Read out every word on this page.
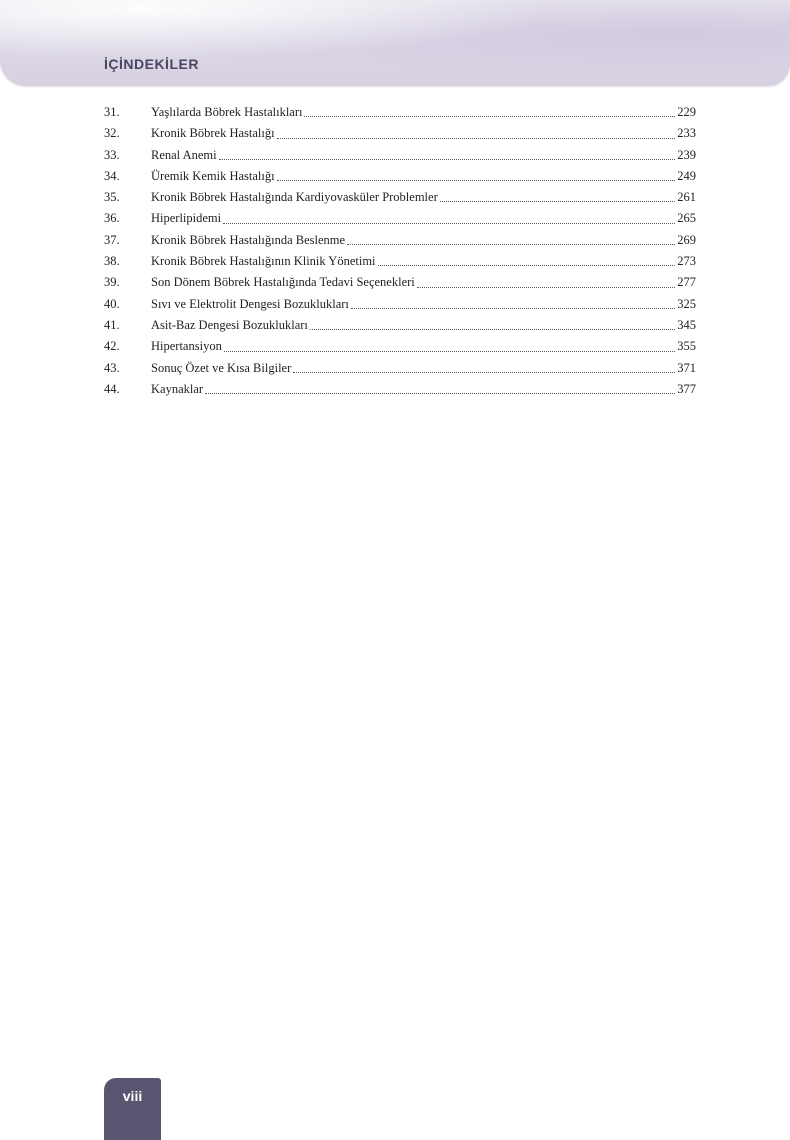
İÇİNDEKİLER
31.	Yaşlılarda Böbrek Hastalıkları	229
32.	Kronik Böbrek Hastalığı	233
33.	Renal Anemi	239
34.	Üremik Kemik Hastalığı	249
35.	Kronik Böbrek Hastalığında Kardiyovasküler Problemler	261
36.	Hiperlipidemi	265
37.	Kronik Böbrek Hastalığında Beslenme	269
38.	Kronik Böbrek Hastalığının Klinik Yönetimi	273
39.	Son Dönem Böbrek Hastalığında Tedavi Seçenekleri	277
40.	Sıvı ve Elektrolit Dengesi Bozuklukları	325
41.	Asit-Baz Dengesi Bozuklukları	345
42.	Hipertansiyon	355
43.	Sonuç Özet ve Kısa Bilgiler	371
44.	Kaynaklar	377
viii
